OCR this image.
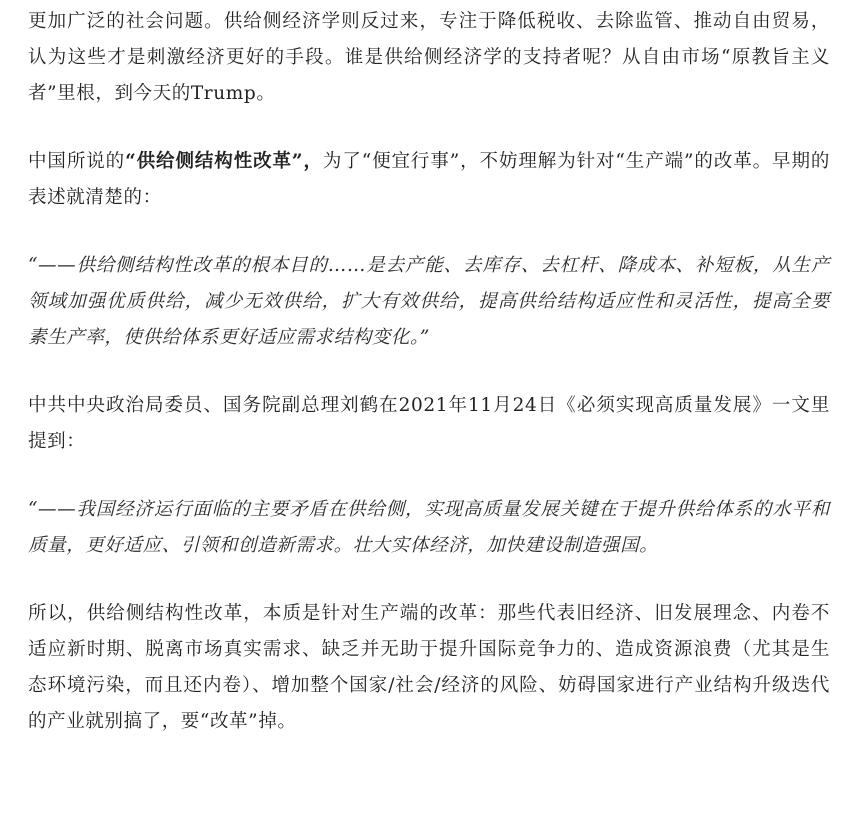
更加广泛的社会问题。供给侧经济学则反过来，专注于降低税收、去除监管、推动自由贸易，认为这些才是刺激经济更好的手段。谁是供给侧经济学的支持者呢？从自由市场“原教旨主义者”里根，到今天的Trump。

中国所说的“供给侧结构性改革”，为了“便宜行事”，不妨理解为针对“生产端”的改革。早期的表述就清楚的：

“——供给侧结构性改革的根本目的……是去产能、去库存、去杠杆、降成本、补短板，从生产领域加强优质供给，减少无效供给，扩大有效供给，提高供给结构适应性和灵活性，提高全要素生产率，使供给体系更好适应需求结构变化。”

中共中央政治局委员、国务院副总理刘鹤在2021年11月24日《必须实现高质量发展》一文里提到：

“——我国经济运行面临的主要矛盾在供给侧，实现高质量发展关键在于提升供给体系的水平和质量，更好适应、引领和创造新需求。壮大实体经济，加快建设制造强国。

所以，供给侧结构性改革，本质是针对生产端的改革：那些代表旧经济、旧发展理念、内卷不适应新时期、脱离市场真实需求、缺乏并无助于提升国际竞争力的、造成资源浪费（尤其是生态环境污染，而且还内卷）、增加整个国家/社会/经济的风险、妨碍国家进行产业结构升级迭代的产业就别搞了，要“改革”掉。
